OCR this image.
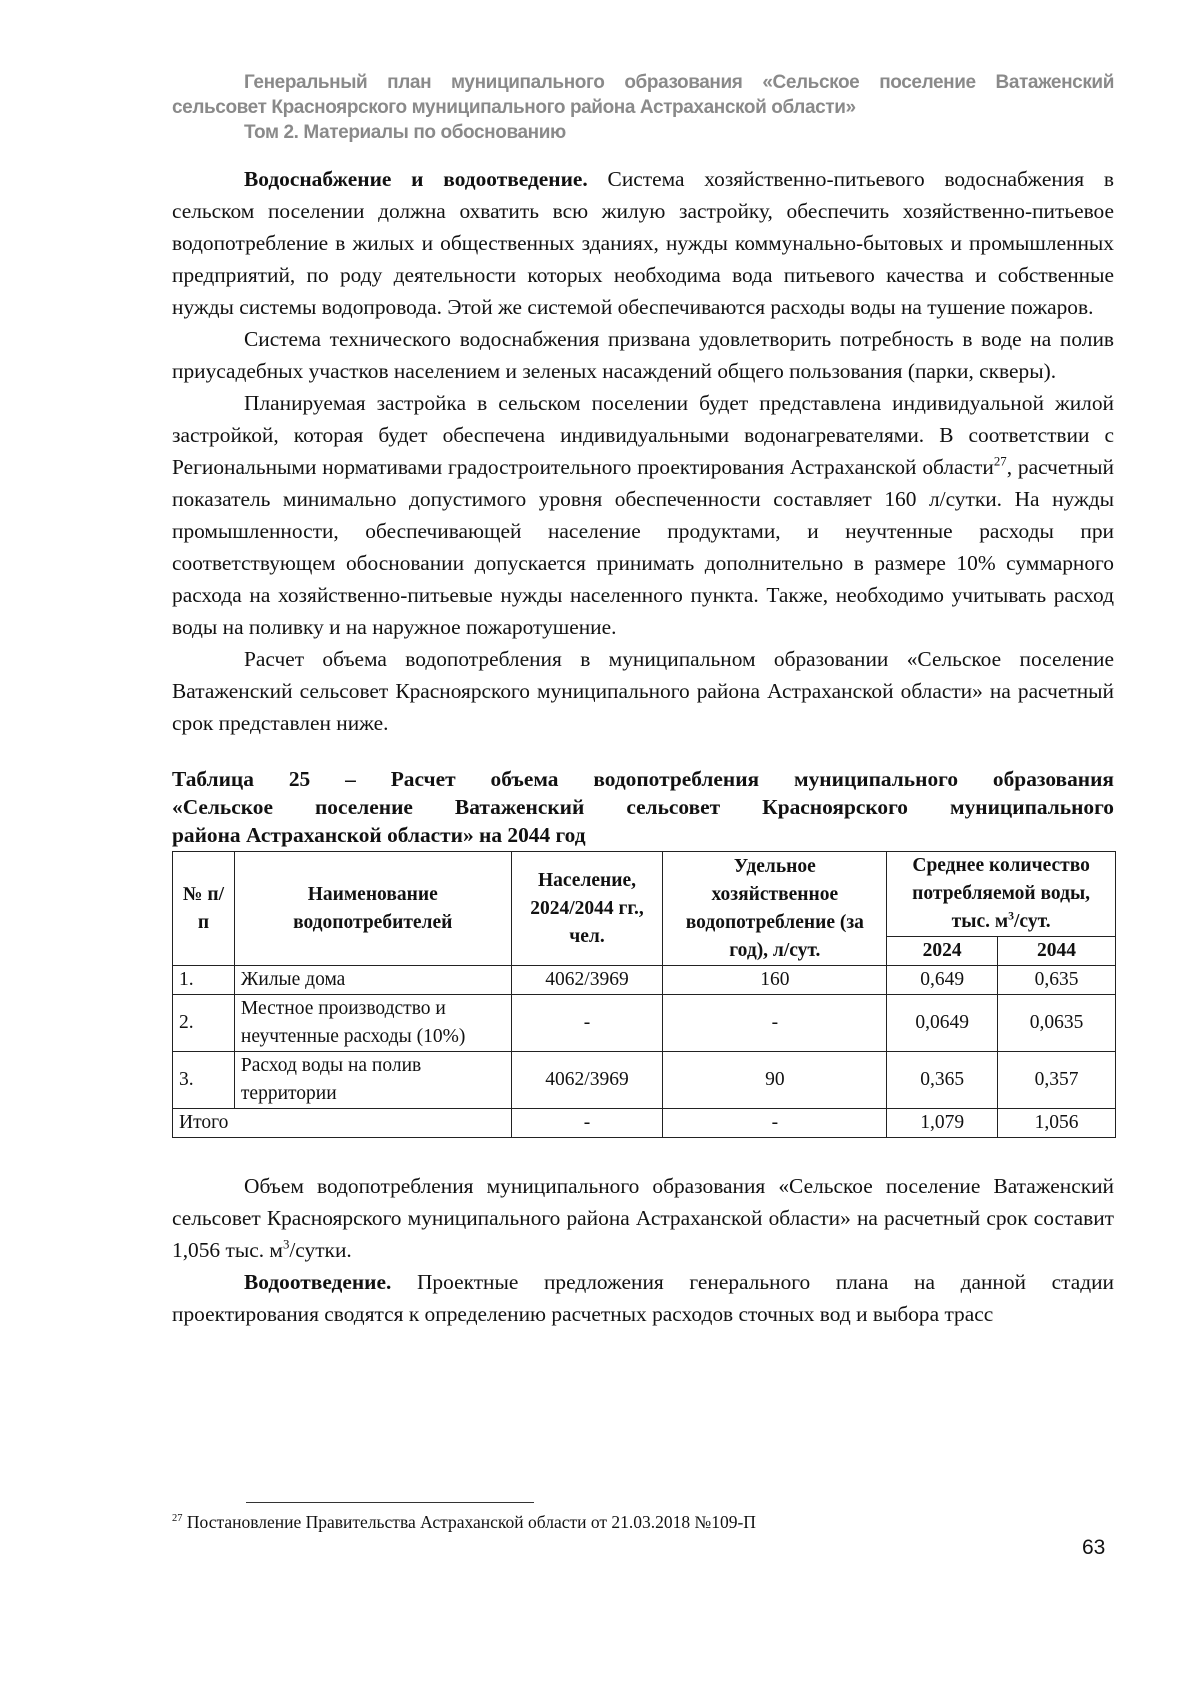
Генеральный план муниципального образования «Сельское поселение Ватаженский
сельсовет Красноярского муниципального района Астраханской области»
Том 2. Материалы по обоснованию

Водоснабжение и водоотведение. Система хозяйственно-питьевого водоснабжения в сельском поселении должна охватить всю жилую застройку, обеспечить хозяйственно-питьевое водопотребление в жилых и общественных зданиях, нужды коммунально-бытовых и промышленных предприятий, по роду деятельности которых необходима вода питьевого качества и собственные нужды системы водопровода. Этой же системой обеспечиваются расходы воды на тушение пожаров.

Система технического водоснабжения призвана удовлетворить потребность в воде на полив приусадебных участков населением и зеленых насаждений общего пользования (парки, скверы).

Планируемая застройка в сельском поселении будет представлена индивидуальной жилой застройкой, которая будет обеспечена индивидуальными водонагревателями. В соответствии с Региональными нормативами градостроительного проектирования Астраханской области$^{27}$, расчетный показатель минимально допустимого уровня обеспеченности составляет 160 л/сутки. На нужды промышленности, обеспечивающей население продуктами, и неучтенные расходы при соответствующем обосновании допускается принимать дополнительно в размере 10% суммарного расхода на хозяйственно-питьевые нужды населенного пункта. Также, необходимо учитывать расход воды на поливку и на наружное пожаротушение.

Расчет объема водопотребления в муниципальном образовании «Сельское поселение Ватаженский сельсовет Красноярского муниципального района Астраханской области» на расчетный срок представлен ниже.

Таблица 25 – Расчет объема водопотребления муниципального образования
«Сельское поселение Ватаженский сельсовет Красноярского муниципального
района Астраханской области» на 2044 год
№ п/п	Наименование водопотребителей	Население, 2024/2044 гг., чел.	Удельное хозяйственное водопотребление (за год), л/сут.	Среднее количество потребляемой воды, тыс. $м^3$/сут.	
				2024	2044
1.	Жилые дома	4062/3969	160	0,649	0,635
2.	Местное производство и неучтенные расходы (10%)	-	-	0,0649	0,0635
3.	Расход воды на полив территории	4062/3969	90	0,365	0,357
Итого		-	-	1,079	1,056

Объем водопотребления муниципального образования «Сельское поселение Ватаженский сельсовет Красноярского муниципального района Астраханской области» на расчетный срок составит 1,056 тыс. $м^3$/сутки.

Водоотведение. Проектные предложения генерального плана на данной стадии проектирования сводятся к определению расчетных расходов сточных вод и выбора трасс

$^{27}$ Постановление Правительства Астраханской области от 21.03.2018 №109-П
63
